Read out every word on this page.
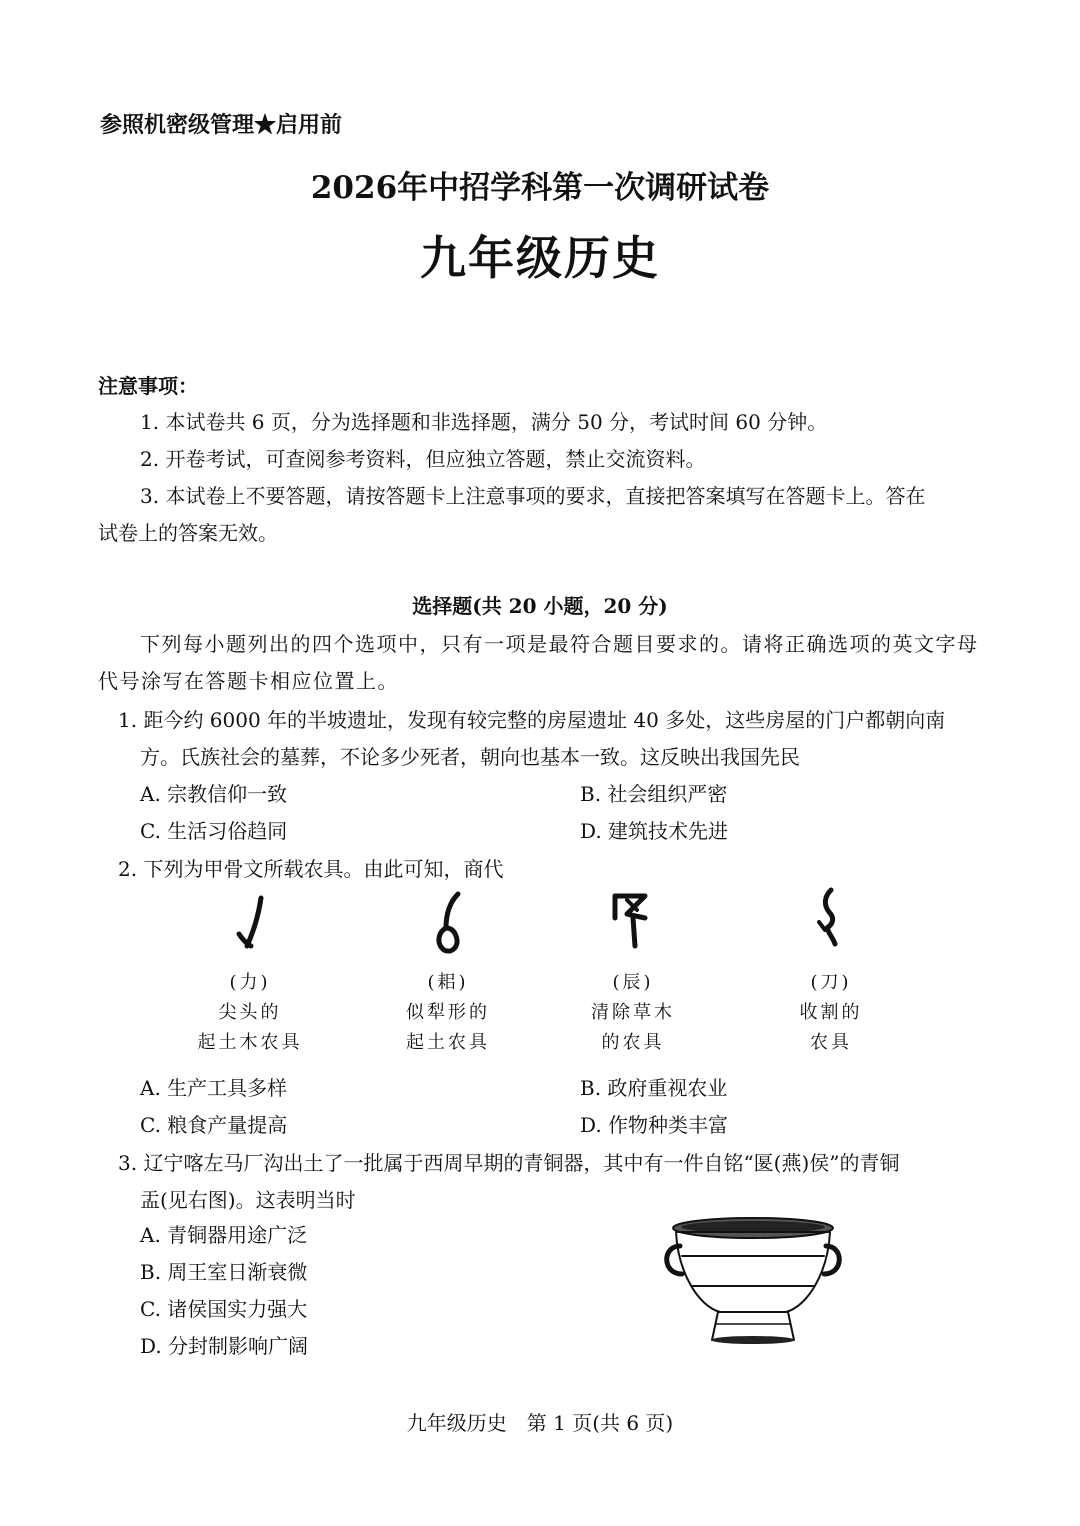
参照机密级管理★启用前
2026年中招学科第一次调研试卷
九年级历史
注意事项：
1. 本试卷共 6 页，分为选择题和非选择题，满分 50 分，考试时间 60 分钟。
2. 开卷考试，可查阅参考资料，但应独立答题，禁止交流资料。
3. 本试卷上不要答题，请按答题卡上注意事项的要求，直接把答案填写在答题卡上。答在
试卷上的答案无效。
选择题(共 20 小题，20 分)
下列每小题列出的四个选项中，只有一项是最符合题目要求的。请将正确选项的英文字母
代号涂写在答题卡相应位置上。
1. 距今约 6000 年的半坡遗址，发现有较完整的房屋遗址 40 多处，这些房屋的门户都朝向南
方。氏族社会的墓葬，不论多少死者，朝向也基本一致。这反映出我国先民
A. 宗教信仰一致	B. 社会组织严密
C. 生活习俗趋同	D. 建筑技术先进
2. 下列为甲骨文所载农具。由此可知，商代
(力)
尖头的
起土木农具
(耜)
似犁形的
起土农具
(辰)
清除草木
的农具
(刀)
收割的
农具
A. 生产工具多样	B. 政府重视农业
C. 粮食产量提高	D. 作物种类丰富
3. 辽宁喀左马厂沟出土了一批属于西周早期的青铜器，其中有一件自铭“匽(燕)侯”的青铜
盂(见右图)。这表明当时
A. 青铜器用途广泛
B. 周王室日渐衰微
C. 诸侯国实力强大
D. 分封制影响广阔
九年级历史　第 1 页(共 6 页)
